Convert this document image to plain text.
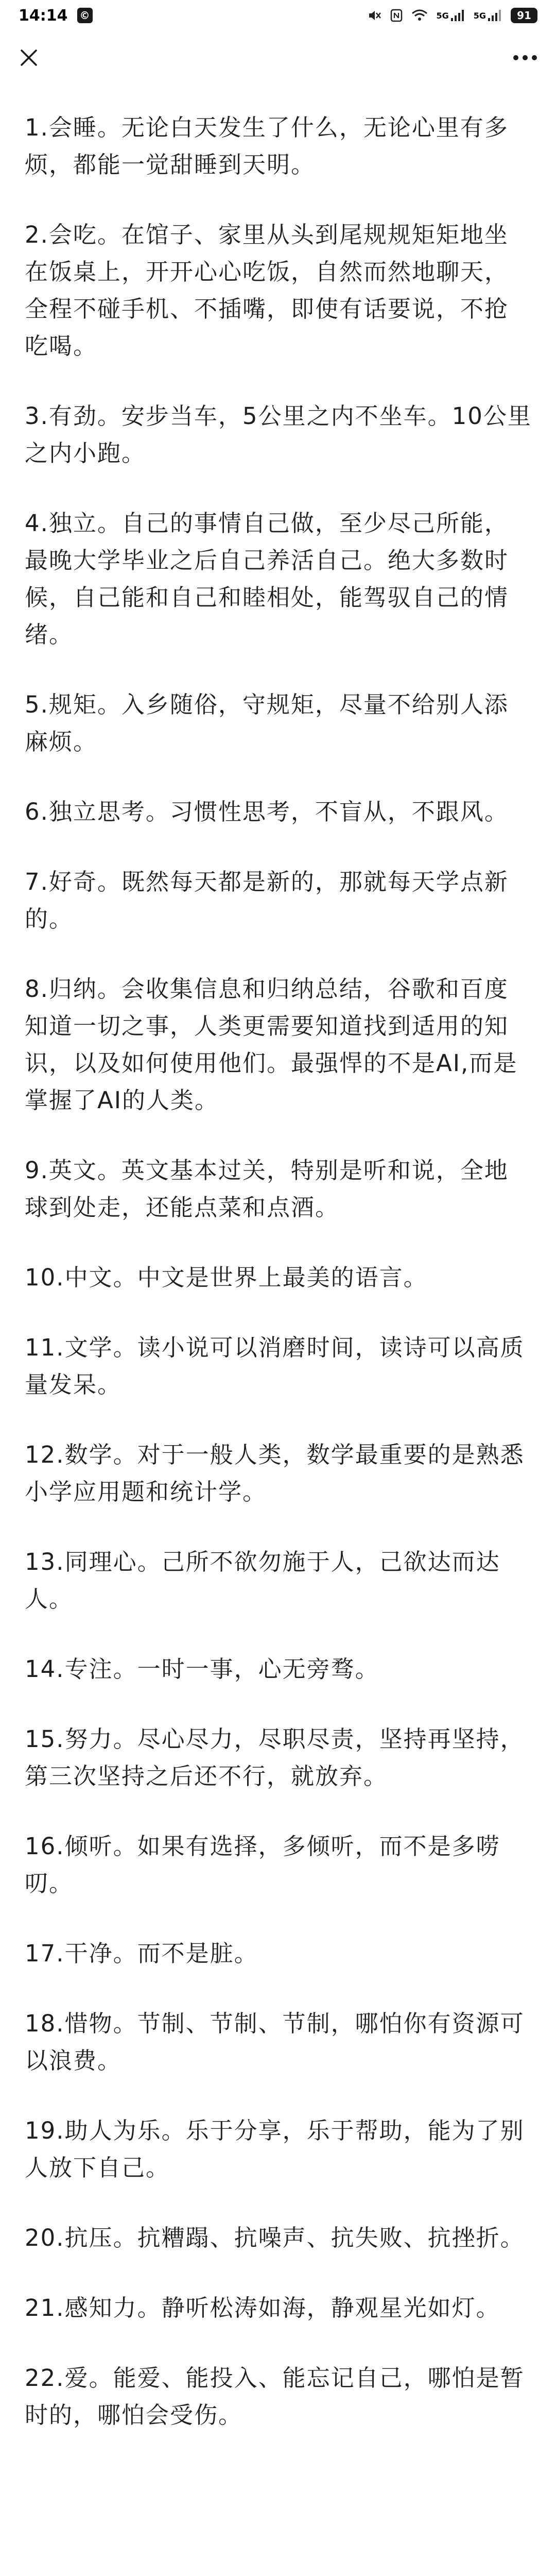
14:14 ©	5G	5G	91

1.会睡。无论白天发生了什么，无论心里有多烦，都能一觉甜睡到天明。

2.会吃。在馆子、家里从头到尾规规矩矩地坐在饭桌上，开开心心吃饭，自然而然地聊天，全程不碰手机、不插嘴，即使有话要说，不抢吃喝。

3.有劲。安步当车，5公里之内不坐车。10公里之内小跑。

4.独立。自己的事情自己做，至少尽己所能，最晚大学毕业之后自己养活自己。绝大多数时候，自己能和自己和睦相处，能驾驭自己的情绪。

5.规矩。入乡随俗，守规矩，尽量不给别人添麻烦。

6.独立思考。习惯性思考，不盲从，不跟风。

7.好奇。既然每天都是新的，那就每天学点新的。

8.归纳。会收集信息和归纳总结，谷歌和百度知道一切之事，人类更需要知道找到适用的知识，以及如何使用他们。最强悍的不是AI,而是掌握了AI的人类。

9.英文。英文基本过关，特别是听和说，全地球到处走，还能点菜和点酒。

10.中文。中文是世界上最美的语言。

11.文学。读小说可以消磨时间，读诗可以高质量发呆。

12.数学。对于一般人类，数学最重要的是熟悉小学应用题和统计学。

13.同理心。己所不欲勿施于人，己欲达而达人。

14.专注。一时一事，心无旁骛。

15.努力。尽心尽力，尽职尽责，坚持再坚持，第三次坚持之后还不行，就放弃。

16.倾听。如果有选择，多倾听，而不是多唠叨。

17.干净。而不是脏。

18.惜物。节制、节制、节制，哪怕你有资源可以浪费。

19.助人为乐。乐于分享，乐于帮助，能为了别人放下自己。

20.抗压。抗糟蹋、抗噪声、抗失败、抗挫折。

21.感知力。静听松涛如海，静观星光如灯。

22.爱。能爱、能投入、能忘记自己，哪怕是暂时的，哪怕会受伤。
